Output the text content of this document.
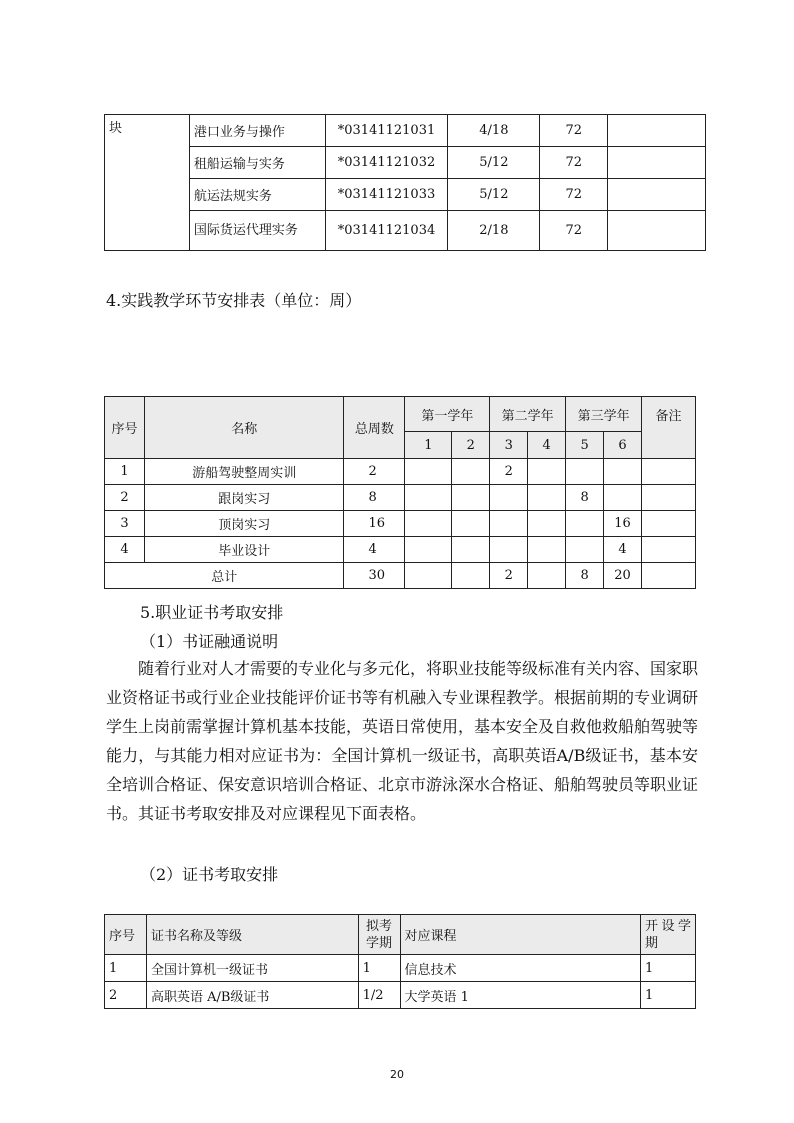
块	港口业务与操作	*03141121031	4/18	72	
	租船运输与实务	*03141121032	5/12	72	
	航运法规实务	*03141121033	5/12	72	
	国际货运代理实务	*03141121034	2/18	72	
4.实践教学环节安排表（单位：周）
序号	名称	总周数	第一学年		第二学年		第三学年		备注
			1	2	3	4	5	6	
1	游船驾驶整周实训	2			2				
2	跟岗实习	8					8		
3	顶岗实习	16						16	
4	毕业设计	4						4	
总计		30			2		8	20	
5.职业证书考取安排
（1）书证融通说明
随着行业对人才需要的专业化与多元化，将职业技能等级标准有关内容、国家职业资格证书或行业企业技能评价证书等有机融入专业课程教学。根据前期的专业调研学生上岗前需掌握计算机基本技能，英语日常使用，基本安全及自救他救船舶驾驶等能力，与其能力相对应证书为：全国计算机一级证书，高职英语A/B级证书，基本安全培训合格证、保安意识培训合格证、北京市游泳深水合格证、船舶驾驶员等职业证书。其证书考取安排及对应课程见下面表格。
（2）证书考取安排
序号	证书名称及等级	拟考学期	对应课程	开设学期
1	全国计算机一级证书	1	信息技术	1
2	高职英语 A/B级证书	1/2	大学英语 1	1
20
